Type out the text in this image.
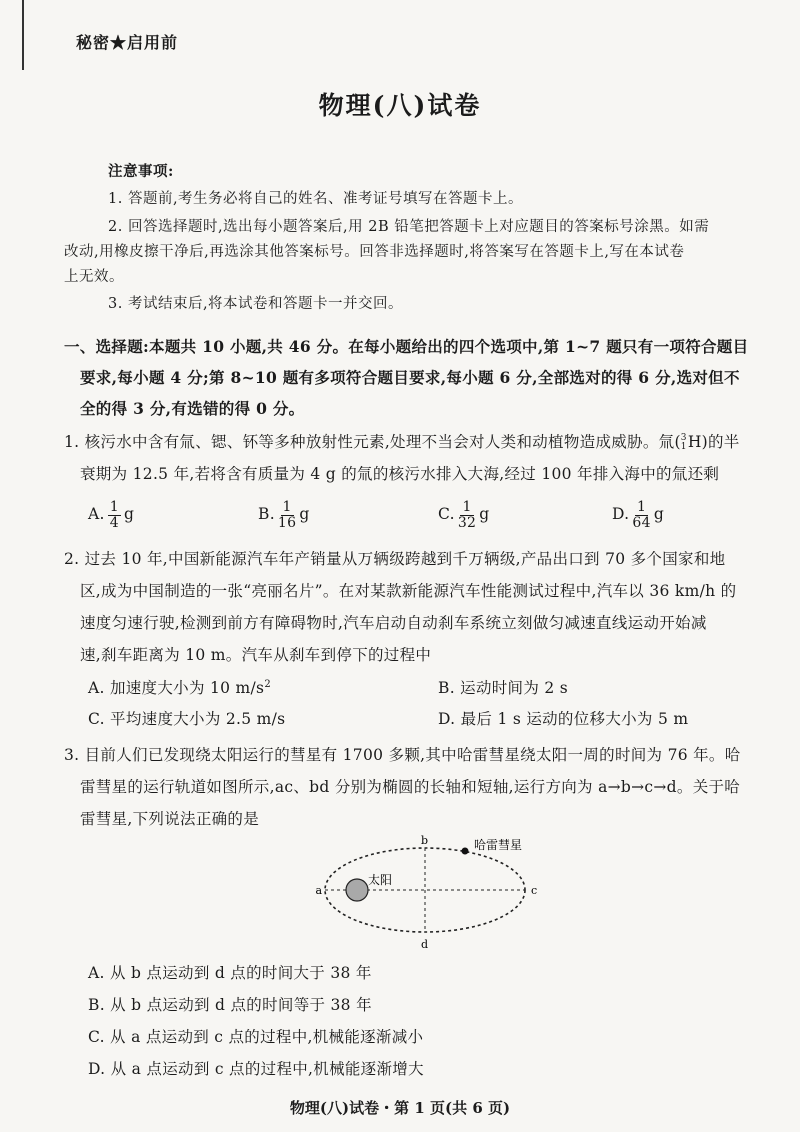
秘密★启用前
物理(八)试卷
注意事项:
1. 答题前,考生务必将自己的姓名、准考证号填写在答题卡上。
2. 回答选择题时,选出每小题答案后,用 2B 铅笔把答题卡上对应题目的答案标号涂黑。如需
改动,用橡皮擦干净后,再选涂其他答案标号。回答非选择题时,将答案写在答题卡上,写在本试卷
上无效。
3. 考试结束后,将本试卷和答题卡一并交回。
一、选择题:本题共 10 小题,共 46 分。在每小题给出的四个选项中,第 1~7 题只有一项符合题目
要求,每小题 4 分;第 8~10 题有多项符合题目要求,每小题 6 分,全部选对的得 6 分,选对但不
全的得 3 分,有选错的得 0 分。
1. 核污水中含有氚、锶、钚等多种放射性元素,处理不当会对人类和动植物造成威胁。氚( 3
1 H)的半
衰期为 12.5 年,若将含有质量为 4 g 的氚的核污水排入大海,经过 100 年排入海中的氚还剩
A. $\frac{1}{4}$ g	B. $\frac{1}{16}$ g	C. $\frac{1}{32}$ g	D. $\frac{1}{64}$ g
2. 过去 10 年,中国新能源汽车年产销量从万辆级跨越到千万辆级,产品出口到 70 多个国家和地
区,成为中国制造的一张“亮丽名片”。在对某款新能源汽车性能测试过程中,汽车以 36 km/h 的
速度匀速行驶,检测到前方有障碍物时,汽车启动自动刹车系统立刻做匀减速直线运动开始减
速,刹车距离为 10 m。汽车从刹车到停下的过程中
A. 加速度大小为 10 $m/s^2$	B. 运动时间为 2 s
C. 平均速度大小为 2.5 m/s	D. 最后 1 s 运动的位移大小为 5 m
3. 目前人们已发现绕太阳运行的彗星有 1700 多颗,其中哈雷彗星绕太阳一周的时间为 76 年。哈
雷彗星的运行轨道如图所示,ac、bd 分别为椭圆的长轴和短轴,运行方向为 a→b→c→d。关于哈
雷彗星,下列说法正确的是
a
b
c
d
太阳
哈雷彗星
A. 从 b 点运动到 d 点的时间大于 38 年
B. 从 b 点运动到 d 点的时间等于 38 年
C. 从 a 点运动到 c 点的过程中,机械能逐渐减小
D. 从 a 点运动到 c 点的过程中,机械能逐渐增大
物理(八)试卷・第 1 页(共 6 页)
